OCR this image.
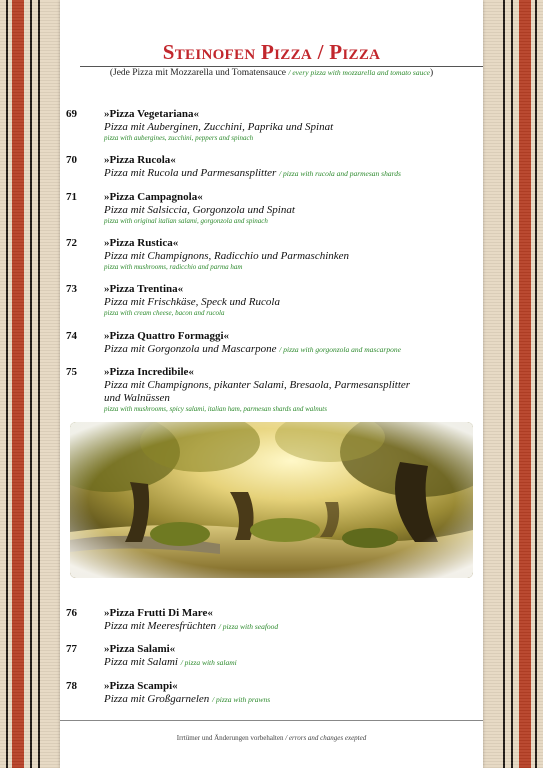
Steinofen Pizza / Pizza
(Jede Pizza mit Mozzarella und Tomatensauce / every pizza with mozzarella and tomato sauce)
69 »Pizza Vegetariana«
Pizza mit Auberginen, Zucchini, Paprika und Spinat
pizza with aubergines, zucchini, peppers and spinach
70 »Pizza Rucola«
Pizza mit Rucola und Parmesansplitter / pizza with rucola and parmesan shards
71 »Pizza Campagnola«
Pizza mit Salsiccia, Gorgonzola und Spinat
pizza with original italian salami, gorgonzola and spinach
72 »Pizza Rustica«
Pizza mit Champignons, Radicchio und Parmaschinken
pizza with mushrooms, radicchio and parma ham
73 »Pizza Trentina«
Pizza mit Frischkäse, Speck und Rucola
pizza with cream cheese, bacon and rucola
74 »Pizza Quattro Formaggi«
Pizza mit Gorgonzola und Mascarpone / pizza with gorgonzola and mascarpone
75 »Pizza Incredibile«
Pizza mit Champignons, pikanter Salami, Bresaola, Parmesansplitter und Walnüssen
pizza with mushrooms, spicy salami, italian ham, parmesan shards and walnuts
76 »Pizza Frutti Di Mare«
Pizza mit Meeresfrüchten / pizza with seafood
77 »Pizza Salami«
Pizza mit Salami / pizza with salami
78 »Pizza Scampi«
Pizza mit Großgarnelen / pizza with prawns
Irrtümer und Änderungen vorbehalten / errors and changes exepted
